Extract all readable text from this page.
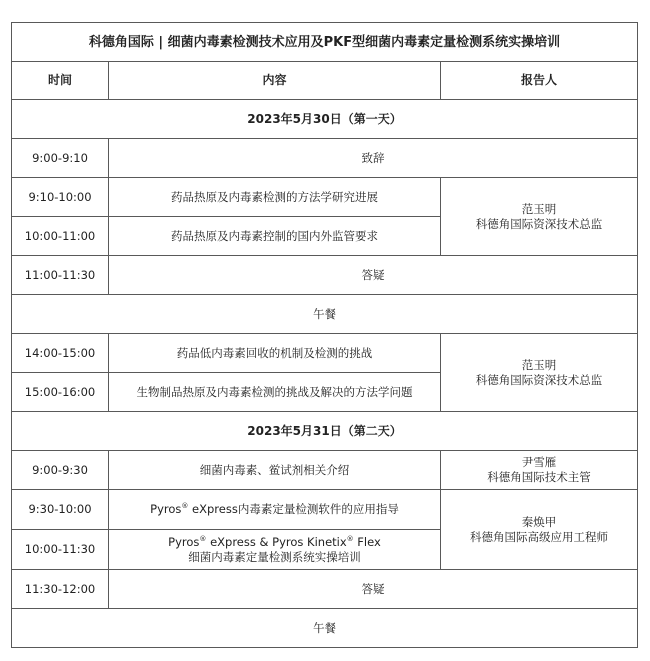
科德角国际 | 细菌内毒素检测技术应用及PKF型细菌内毒素定量检测系统实操培训		
时间	内容	报告人
2023年5月30日（第一天）		
9:00-9:10	致辞	
9:10-10:00	药品热原及内毒素检测的方法学研究进展	范玉明
科德角国际资深技术总监

10:00-11:00	药品热原及内毒素控制的国内外监管要求	
11:00-11:30	答疑	
午餐		
14:00-15:00	药品低内毒素回收的机制及检测的挑战	范玉明
科德角国际资深技术总监

15:00-16:00	生物制品热原及内毒素检测的挑战及解决的方法学问题	
2023年5月31日（第二天）		
9:00-9:30	细菌内毒素、鲎试剂相关介绍	尹雪雁
科德角国际技术主管

9:30-10:00	Pyros® eXpress内毒素定量检测软件的应用指导	秦焕甲
科德角国际高级应用工程师

10:00-11:30	Pyros® eXpress & Pyros Kinetix® Flex
细菌内毒素定量检测系统实操培训	

11:30-12:00	答疑	
午餐		
